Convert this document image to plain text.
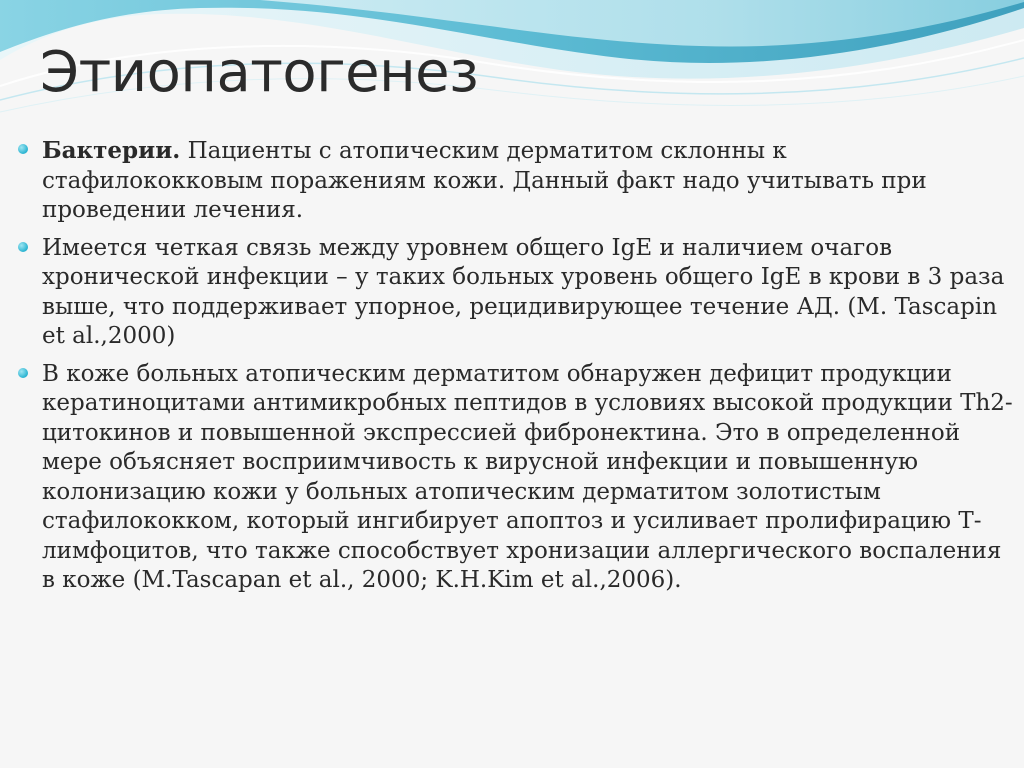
Этиопатогенез
Бактерии. Пациенты с атопическим дерматитом склонны к стафилококковым поражениям кожи. Данный факт надо учитывать при проведении лечения.
Имеется четкая связь между уровнем общего IgE и наличием очагов хронической инфекции – у таких больных уровень общего IgE в крови в 3 раза выше, что поддерживает упорное, рецидивирующее течение АД. (M. Tascapin et al.,2000)
В коже больных атопическим дерматитом обнаружен дефицит продукции кератиноцитами антимикробных пептидов в условиях высокой продукции Th2-цитокинов и повышенной экспрессией фибронектина. Это в определенной мере объясняет восприимчивость к вирусной инфекции и повышенную колонизацию кожи у больных атопическим дерматитом золотистым стафилококком, который ингибирует апоптоз и усиливает пролифирацию Т-лимфоцитов, что также способствует хронизации аллергического воспаления в коже (M.Tascapan et al., 2000; K.H.Kim et al.,2006).
